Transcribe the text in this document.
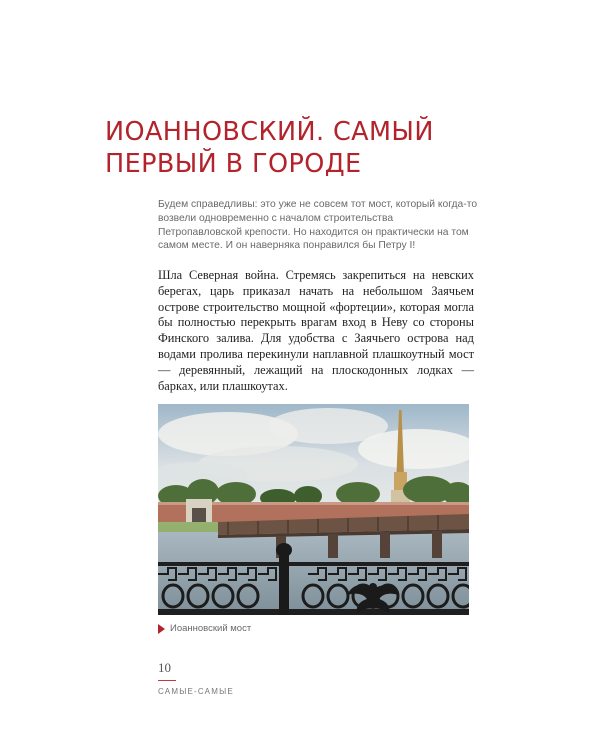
ИОАННОВСКИЙ. САМЫЙ
ПЕРВЫЙ В ГОРОДЕ

Будем справедливы: это уже не совсем тот мост, который когда-то возвели одновременно с началом строительства Петропавловской крепости. Но находится он практически на том самом месте. И он наверняка понравился бы Петру I!

Шла Северная война. Стремясь закрепиться на невских берегах, царь приказал начать на небольшом Заячьем острове строительство мощной «фортеции», которая могла бы полностью перекрыть врагам вход в Неву со стороны Финского залива. Для удобства с Заячьего острова над водами пролива перекинули наплавной плашкоутный мост — деревянный, лежащий на плоскодонных лодках — барках, или плашкоутах.

Иоанновский мост
10
САМЫЕ-САМЫЕ
